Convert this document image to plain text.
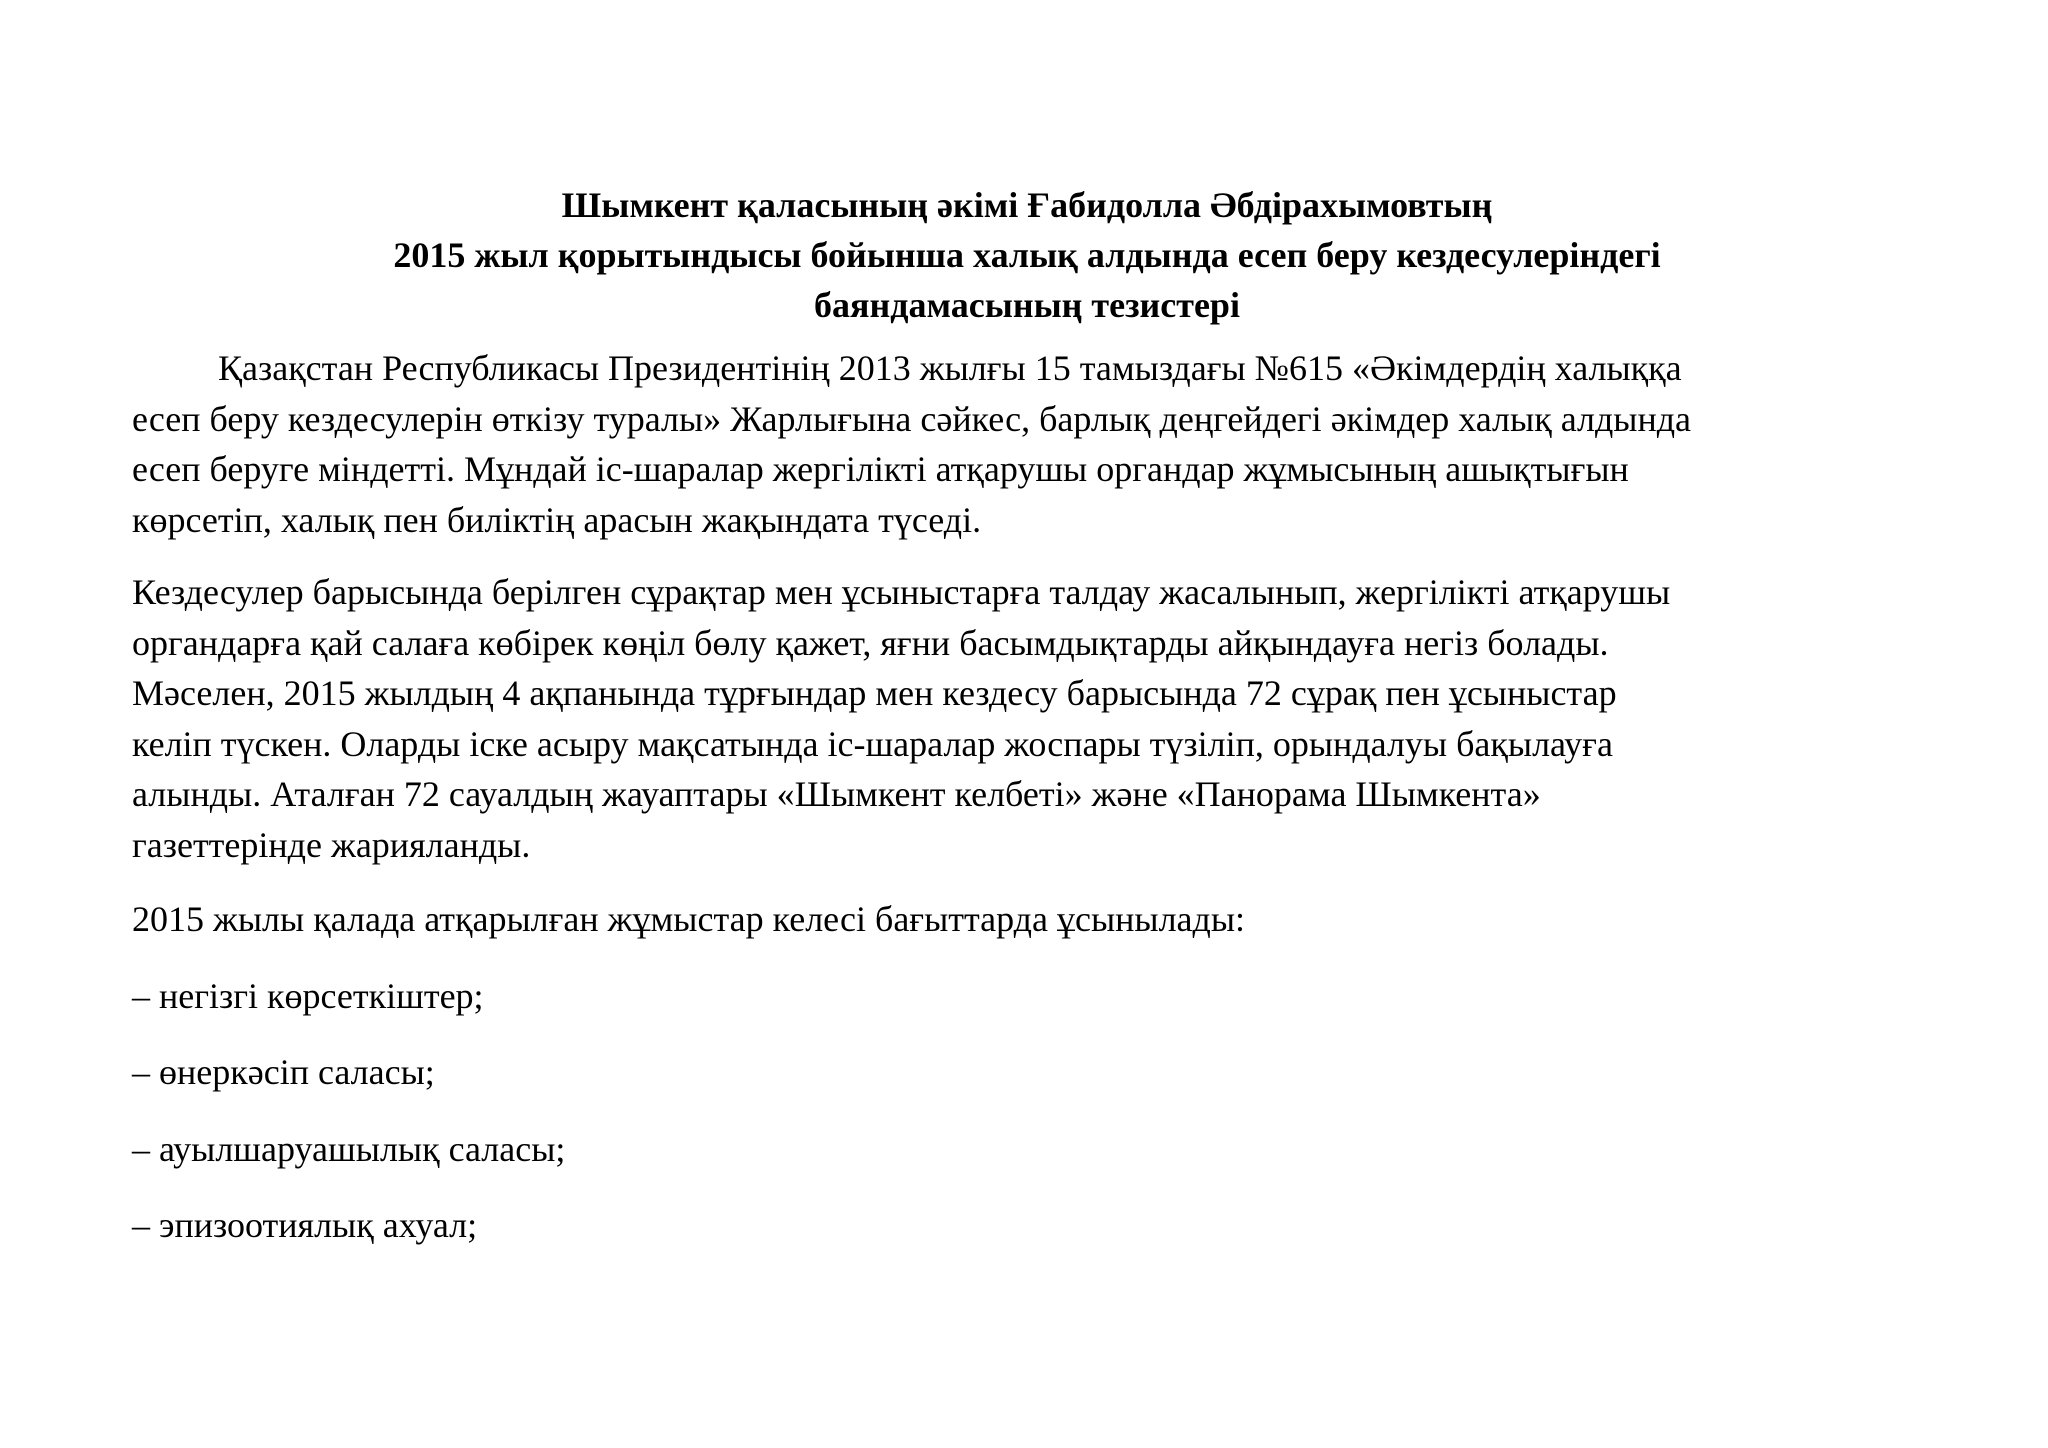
Шымкент қаласының әкімі Ғабидолла Әбдірахымовтың
2015 жыл қорытындысы бойынша халық алдында есеп беру кездесулеріндегі
баяндамасының тезистері

Қазақстан Республикасы Президентінің 2013 жылғы 15 тамыздағы №615 «Әкімдердің халыққа
есеп беру кездесулерін өткізу туралы» Жарлығына сәйкес, барлық деңгейдегі әкімдер халық алдында
есеп беруге міндетті. Мұндай іс-шаралар жергілікті атқарушы органдар жұмысының ашықтығын
көрсетіп, халық пен биліктің арасын жақындата түседі.

Кездесулер барысында берілген сұрақтар мен ұсыныстарға талдау жасалынып, жергілікті атқарушы
органдарға қай салаға көбірек көңіл бөлу қажет, яғни басымдықтарды айқындауға негіз болады.
Мәселен, 2015 жылдың 4 ақпанында тұрғындар мен кездесу барысында 72 сұрақ пен ұсыныстар
келіп түскен. Оларды іске асыру мақсатында іс-шаралар жоспары түзіліп, орындалуы бақылауға
алынды. Аталған 72 сауалдың жауаптары «Шымкент келбеті» және «Панорама Шымкента»
газеттерінде жарияланды.

2015 жылы қалада атқарылған жұмыстар келесі бағыттарда ұсынылады:

– негізгі көрсеткіштер;
– өнеркәсіп саласы;
– ауылшаруашылық саласы;
– эпизоотиялық ахуал;
